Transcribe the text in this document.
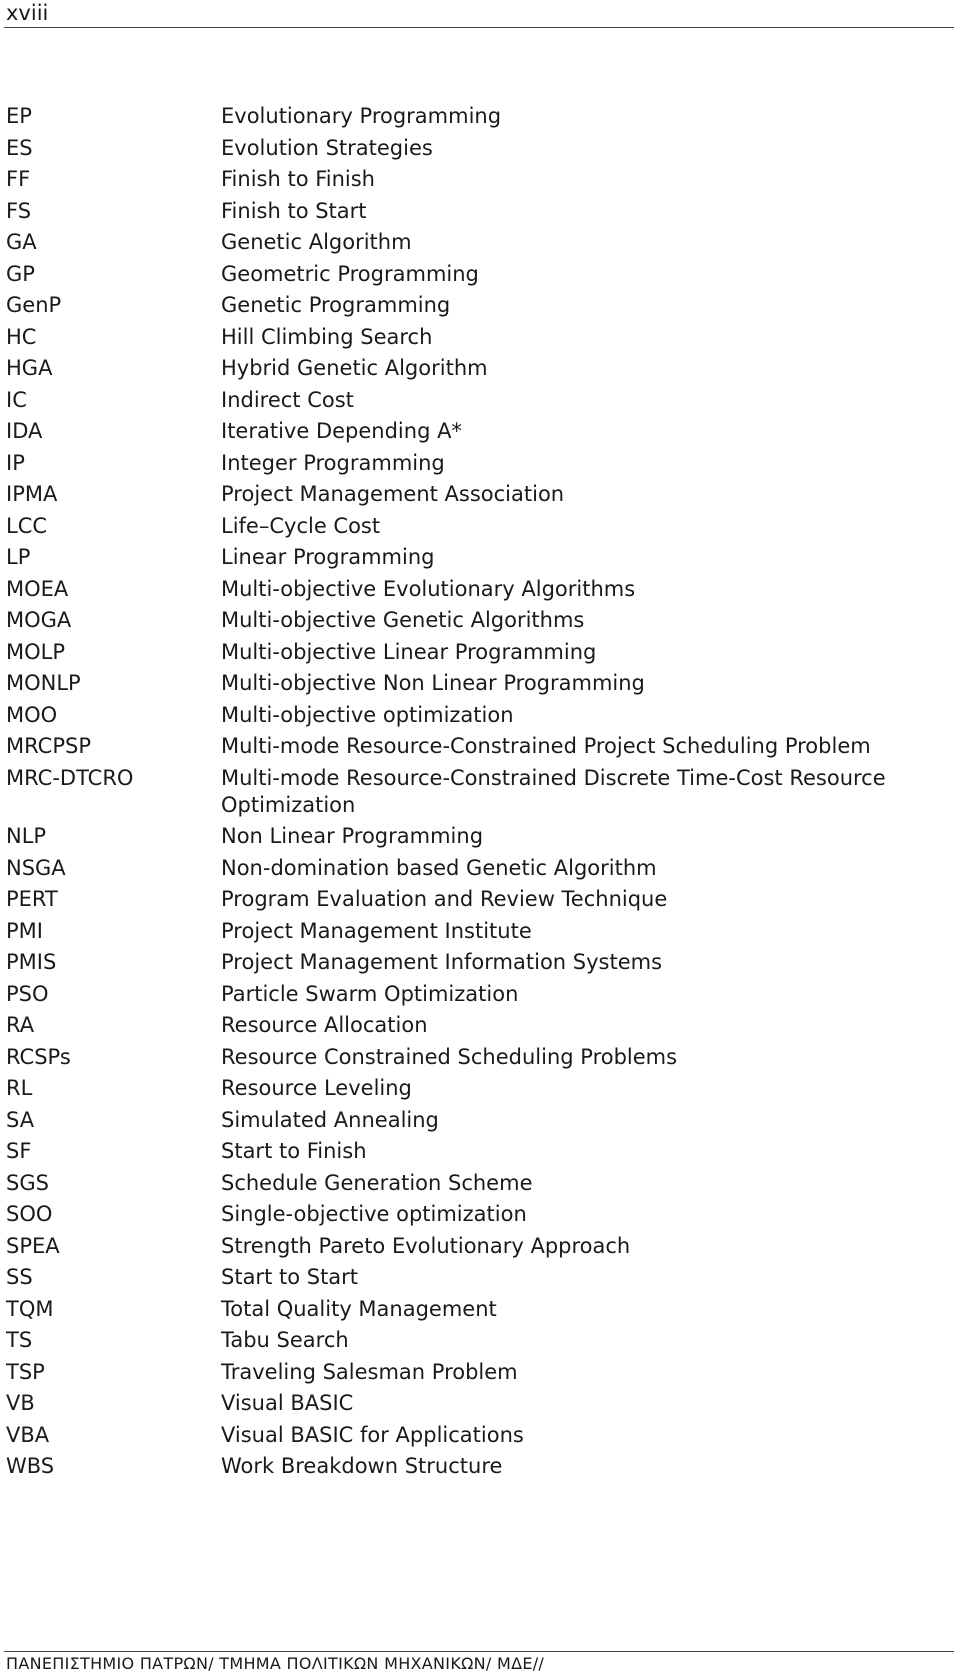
xviii
EP	Evolutionary Programming
ES	Evolution Strategies
FF	Finish to Finish
FS	Finish to Start
GA	Genetic Algorithm
GP	Geometric Programming
GenP	Genetic Programming
HC	Hill Climbing Search
HGA	Hybrid Genetic Algorithm
IC	Indirect Cost
IDA	Iterative Depending A*
IP	Integer Programming
IPMA	Project Management Association
LCC	Life–Cycle Cost
LP	Linear Programming
MOEA	Multi-objective Evolutionary Algorithms
MOGA	Multi-objective Genetic Algorithms
MOLP	Multi-objective Linear Programming
MONLP	Multi-objective Non Linear Programming
MOO	Multi-objective optimization
MRCPSP	Multi-mode Resource-Constrained Project Scheduling Problem
MRC-DTCRO	Multi-mode Resource-Constrained Discrete Time-Cost Resource Optimization
NLP	Non Linear Programming
NSGA	Non-domination based Genetic Algorithm
PERT	Program Evaluation and Review Technique
PMI	Project Management Institute
PMIS	Project Management Information Systems
PSO	Particle Swarm Optimization
RA	Resource Allocation
RCSPs	Resource Constrained Scheduling Problems
RL	Resource Leveling
SA	Simulated Annealing
SF	Start to Finish
SGS	Schedule Generation Scheme
SOO	Single-objective optimization
SPEA	Strength Pareto Evolutionary Approach
SS	Start to Start
TQM	Total Quality Management
TS	Tabu Search
TSP	Traveling Salesman Problem
VB	Visual BASIC
VBA	Visual BASIC for Applications
WBS	Work Breakdown Structure
ΠΑΝΕΠΙΣΤΗΜΙΟ ΠΑΤΡΩΝ/ ΤΜΗΜΑ ΠΟΛΙΤΙΚΩΝ ΜΗΧΑΝΙΚΩΝ/ ΜΔΕ//
